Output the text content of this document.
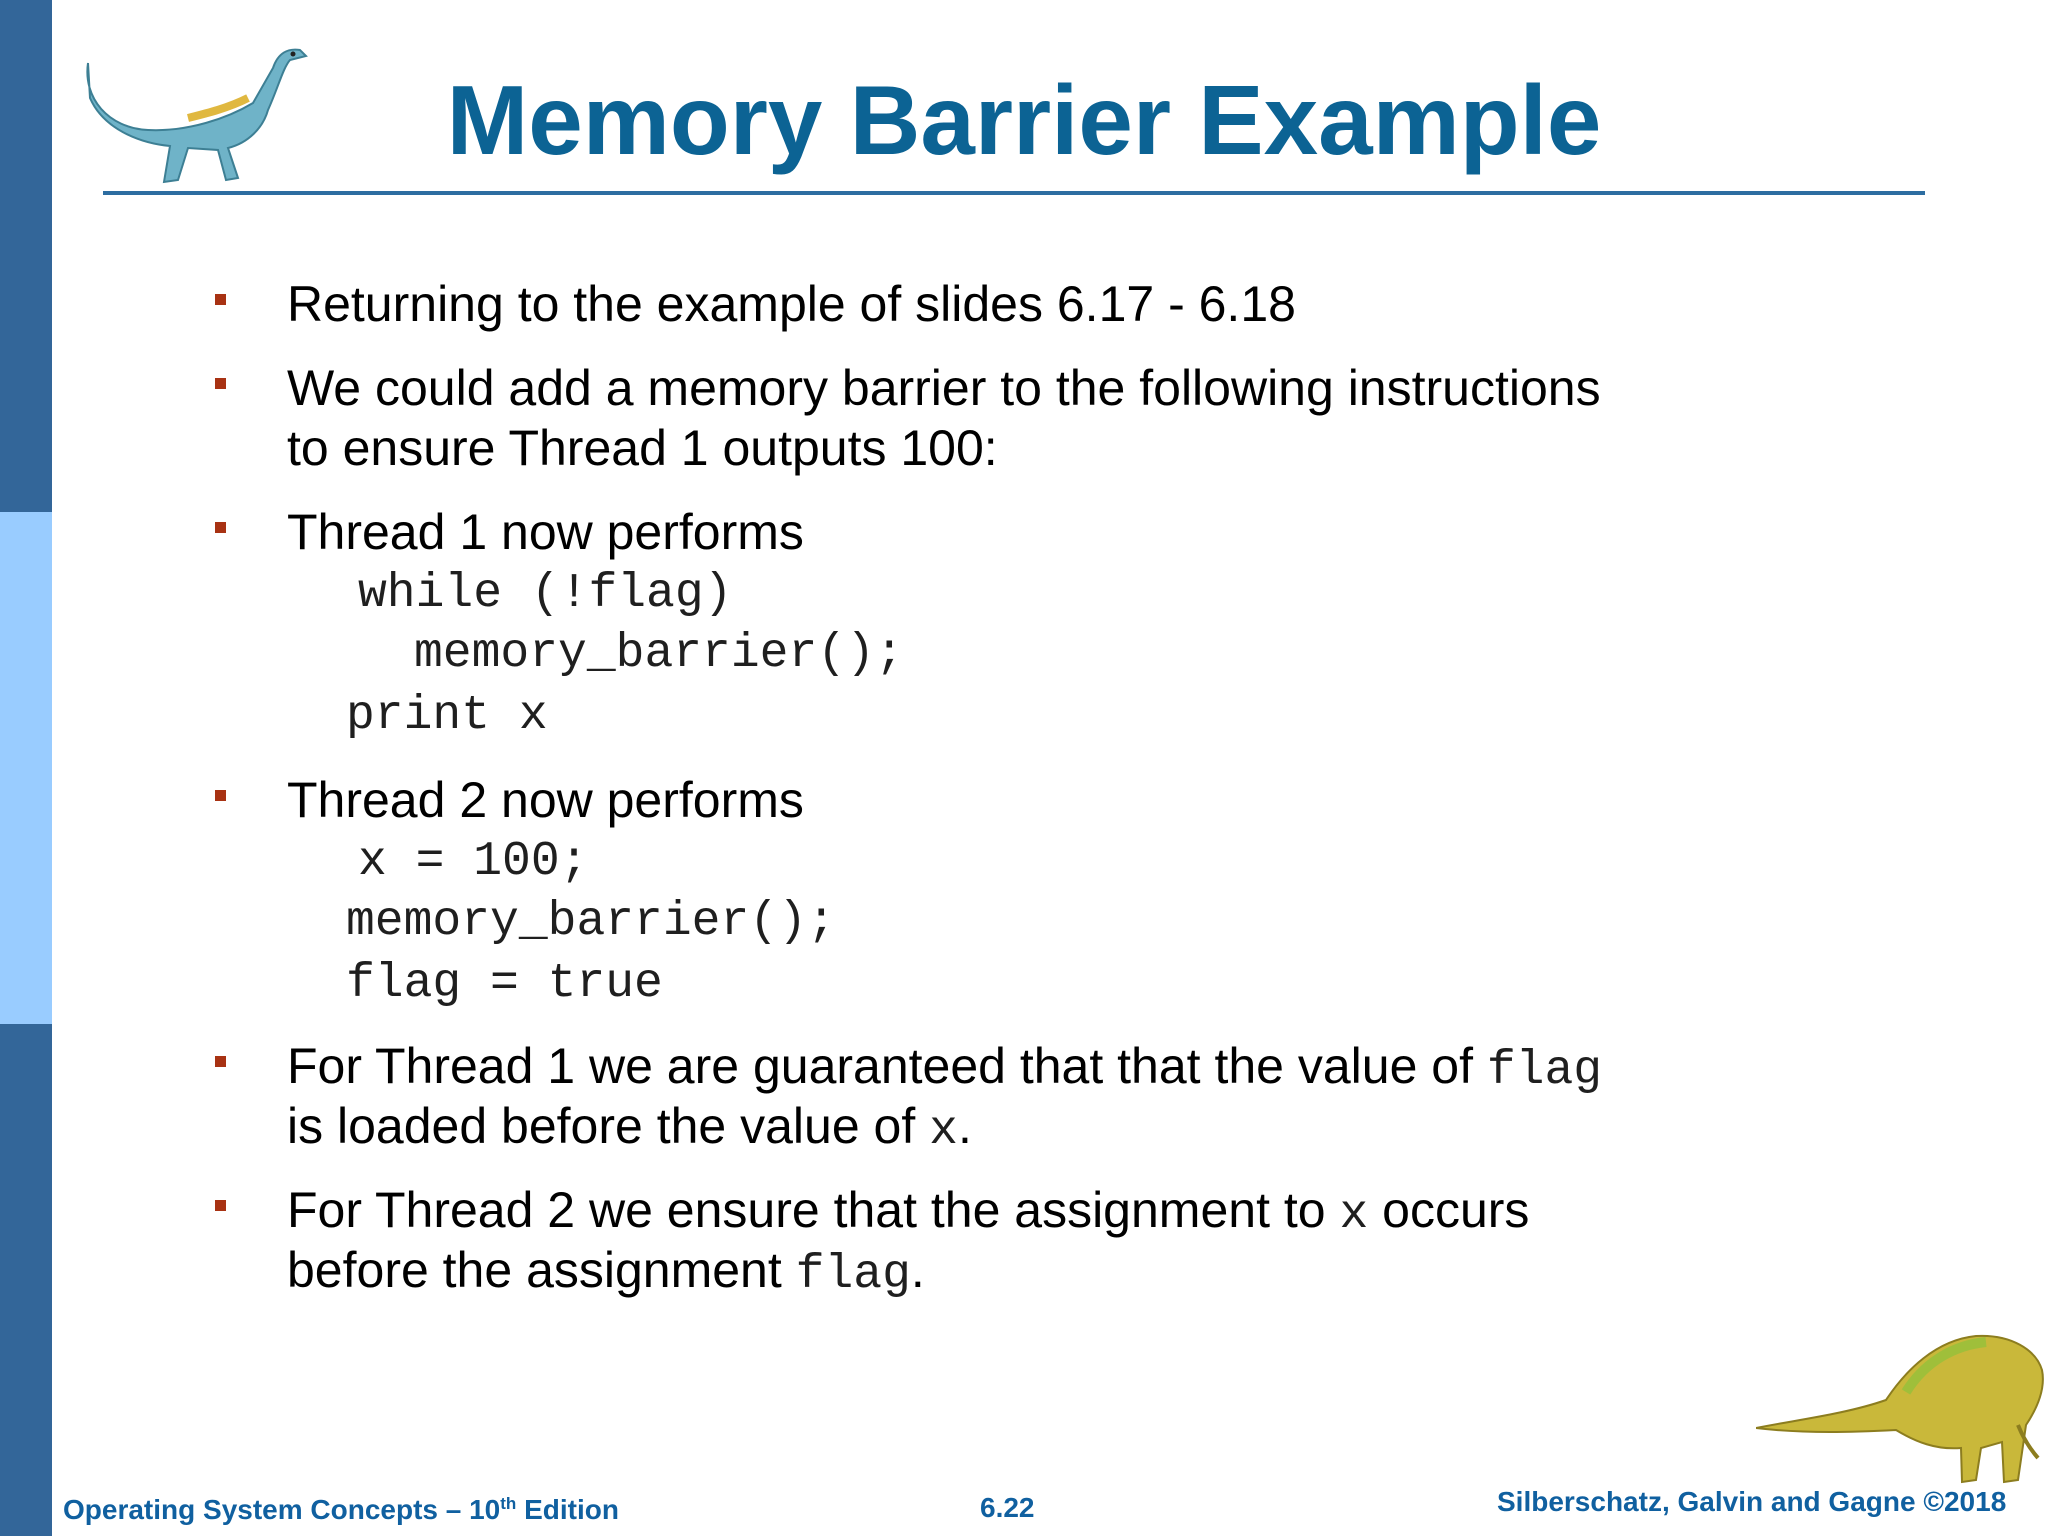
Memory Barrier Example
Returning to the example of slides 6.17 - 6.18
We could add a memory barrier to the following instructions
to ensure Thread 1 outputs 100:
Thread 1 now performs
while (!flag)
memory_barrier();
print x
Thread 2 now performs
x = 100;
memory_barrier();
flag = true
For Thread 1 we are guaranteed that that the value of flag
is loaded before the value of x.
For Thread 2 we ensure that the assignment to x occurs
before the assignment flag.
Operating System Concepts – 10th Edition	6.22	Silberschatz, Galvin and Gagne ©2018
